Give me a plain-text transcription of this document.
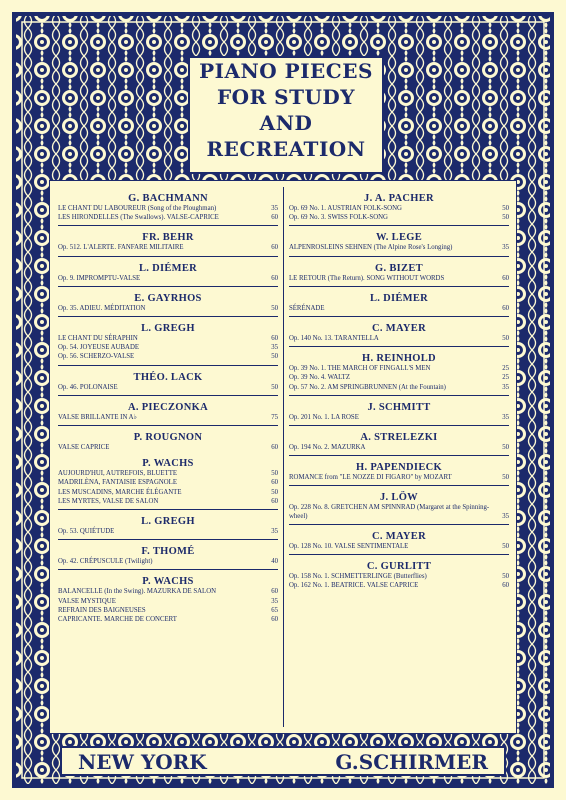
PIANO PIECES
FOR STUDY
AND
RECREATION
G. BACHMANN
LE CHANT DU LABOUREUR (Song of the Ploughman)	35
LES HIRONDELLES (The Swallows). VALSE-CAPRICE	60
FR. BEHR
Op. 512. L'ALERTE. FANFARE MILITAIRE	60
L. DIÉMER
Op. 9. IMPROMPTU-VALSE	60
E. GAYRHOS
Op. 35. ADIEU. MÉDITATION	50
L. GREGH
LE CHANT DU SÉRAPHIN	60
Op. 54. JOYEUSE AUBADE	35
Op. 56. SCHERZO-VALSE	50
THÉO. LACK
Op. 46. POLONAISE	50
A. PIECZONKA
VALSE BRILLANTE IN A♭	75
P. ROUGNON
VALSE CAPRICE	60
P. WACHS
AUJOURD'HUI, AUTREFOIS, BLUETTE	50
MADRILÈNA, FANTAISIE ESPAGNOLE	60
LES MUSCADINS, MARCHE ÉLÉGANTE	50
LES MYRTES, VALSE DE SALON	60
L. GREGH
Op. 53. QUIÉTUDE	35
F. THOMÉ
Op. 42. CRÉPUSCULE (Twilight)	40
P. WACHS
BALANCELLE (In the Swing). MAZURKA DE SALON	60
VALSE MYSTIQUE	35
REFRAIN DES BAIGNEUSES	65
CAPRICANTE. MARCHE DE CONCERT	60
J. A. PACHER
Op. 69 No. 1. AUSTRIAN FOLK-SONG	50
Op. 69 No. 3. SWISS FOLK-SONG	50
W. LEGE
ALPENROSLEINS SEHNEN (The Alpine Rose's Longing)	35
G. BIZET
LE RETOUR (The Return). SONG WITHOUT WORDS	60
L. DIÉMER
SÉRÉNADE	60
C. MAYER
Op. 140 No. 13. TARANTELLA	50
H. REINHOLD
Op. 39 No. 1. THE MARCH OF FINGALL'S MEN	25
Op. 39 No. 4. WALTZ	25
Op. 57 No. 2. AM SPRINGBRUNNEN (At the Fountain)	35
J. SCHMITT
Op. 201 No. 1. LA ROSE	35
A. STRELEZKI
Op. 194 No. 2. MAZURKA	50
H. PAPENDIECK
ROMANCE from "LE NOZZE DI FIGARO" by MOZART	50
J. LÖW
Op. 228 No. 8. GRETCHEN AM SPINNRAD (Margaret at the Spinning-wheel)	35
C. MAYER
Op. 128 No. 10. VALSE SENTIMENTALE	50
C. GURLITT
Op. 158 No. 1. SCHMETTERLINGE (Butterflies)	50
Op. 162 No. 1. BEATRICE. VALSE CAPRICE	60
NEW YORK	G.SCHIRMER
